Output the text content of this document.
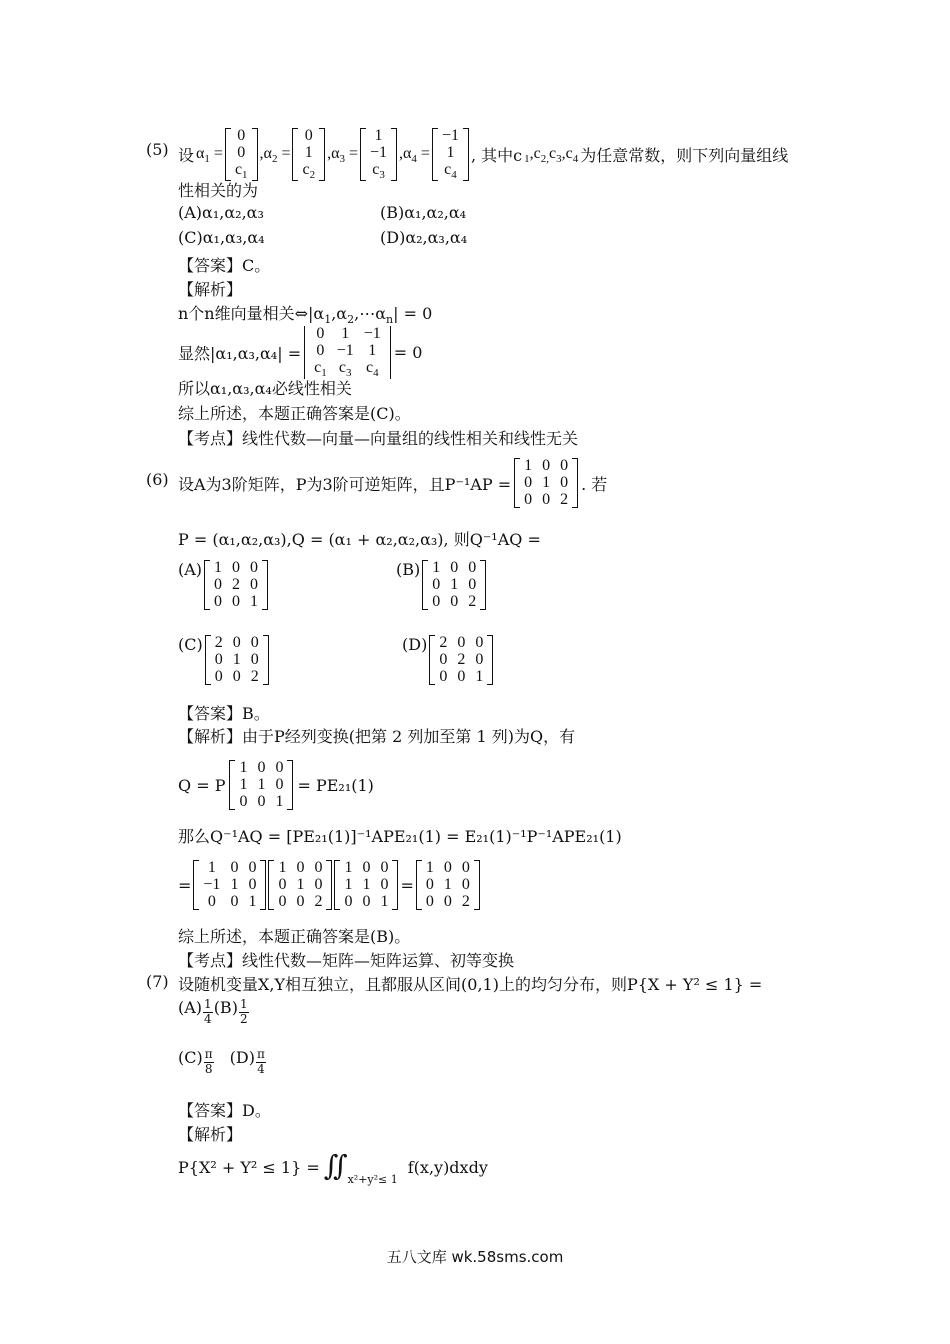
(5) 设 $\alpha_1$ =
0
0
$c_1$
$,\alpha_2$ =
0
1
$c_2$
$,\alpha_3$ =
1
−1
$c_3$
$,\alpha_4$ =
−1
1
$c_4$
, 其中c $_1,c_{2,}c_3,c_4$ 为任意常数，则下列向量组线
性相关的为
(A)α₁,α₂,α₃	(B)α₁,α₂,α₄
(C)α₁,α₃,α₄	(D)α₂,α₃,α₄
【答案】C。
【解析】
n个n维向量相关$\Leftrightarrow|\alpha_1,\alpha_2,\cdots\alpha_n| = 0$
显然|α₁,α₃,α₄| =
0	1 −1
0 −1 1
$c_1$ $c_3$ $c_4$
= 0
所以α₁,α₃,α₄必线性相关
综上所述，本题正确答案是(C)。
【考点】线性代数—向量—向量组的线性相关和线性无关
(6) 设A为3阶矩阵，P为3阶可逆矩阵，且P⁻¹AP =
1 0 0
0 1 0
0 0 2
. 若
P = (α₁,α₂,α₃),Q = (α₁ + α₂,α₂,α₃), 则Q⁻¹AQ =
(A) 1 0 0
0 2 0
0 0 1
(B) 1 0 0
0 1 0
0 0 2
(C) 2 0 0
0 1 0
0 0 2
(D) 2 0 0
0 2 0
0 0 1
【答案】B。
【解析】由于P经列变换(把第 2 列加至第 1 列)为Q，有
Q = P
1 0 0
1 1 0
0 0 1
= PE₂₁(1)
那么Q⁻¹AQ = [PE₂₁(1)]⁻¹APE₂₁(1) = E₂₁(1)⁻¹P⁻¹APE₂₁(1)
=
1 0 0
−1 1 0
0 0 1
1 0 0
0 1 0
0 0 2
1 0 0
1 1 0
0 0 1
=
1 0 0
0 1 0
0 0 2
综上所述，本题正确答案是(B)。
【考点】线性代数—矩阵—矩阵运算、初等变换
(7) 设随机变量X,Y相互独立，且都服从区间(0,1)上的均匀分布，则P{X + Y² ≤ 1} =
$(A) \frac{1}{4} (B) \frac{1}{2}$
$(C) \frac{\pi}{8} (D) \frac{\pi}{4}$
【答案】D。
【解析】
P{X² + Y² ≤ 1} = ∬ x²+y²≤ 1
f(x,y)dxdy
五八文库 wk.58sms.com
